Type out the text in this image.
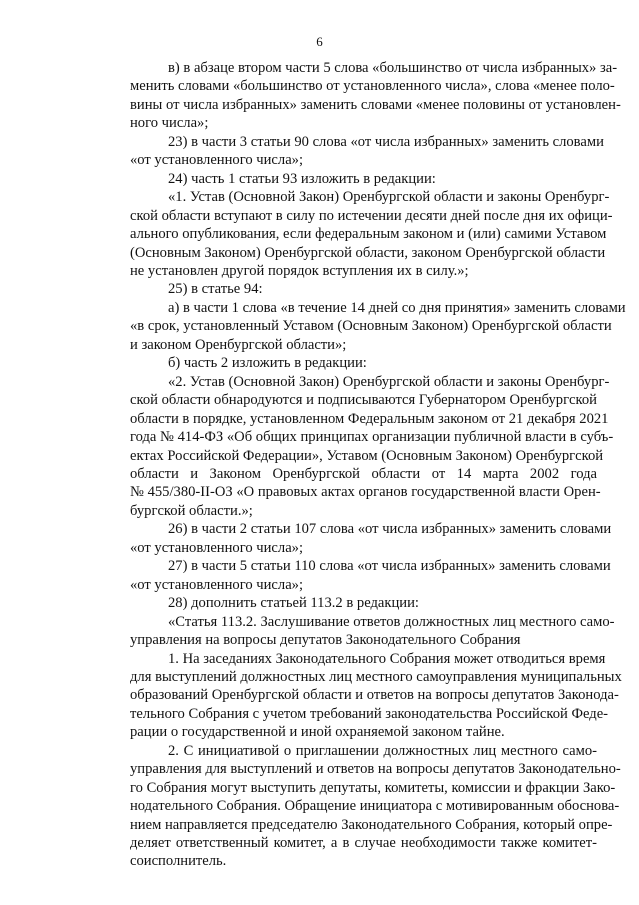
6
в) в абзаце втором части 5 слова «большинство от числа избранных» за-
менить словами «большинство от установленного числа», слова «менее поло-
вины от числа избранных» заменить словами «менее половины от установлен-
ного числа»;
23) в части 3 статьи 90 слова «от числа избранных» заменить словами
«от установленного числа»;
24) часть 1 статьи 93 изложить в редакции:
«1. Устав (Основной Закон) Оренбургской области и законы Оренбург-
ской области вступают в силу по истечении десяти дней после дня их офици-
ального опубликования, если федеральным законом и (или) самими Уставом
(Основным Законом) Оренбургской области, законом Оренбургской области
не установлен другой порядок вступления их в силу.»;
25) в статье 94:
а) в части 1 слова «в течение 14 дней со дня принятия» заменить словами
«в срок, установленный Уставом (Основным Законом) Оренбургской области
и законом Оренбургской области»;
б) часть 2 изложить в редакции:
«2. Устав (Основной Закон) Оренбургской области и законы Оренбург-
ской области обнародуются и подписываются Губернатором Оренбургской
области в порядке, установленном Федеральным законом от 21 декабря 2021
года № 414-ФЗ «Об общих принципах организации публичной власти в субъ-
ектах Российской Федерации», Уставом (Основным Законом) Оренбургской
области и Законом Оренбургской области от 14 марта 2002 года
№ 455/380-II-ОЗ «О правовых актах органов государственной власти Орен-
бургской области.»;
26) в части 2 статьи 107 слова «от числа избранных» заменить словами
«от установленного числа»;
27) в части 5 статьи 110 слова «от числа избранных» заменить словами
«от установленного числа»;
28) дополнить статьей 113.2 в редакции:
«Статья 113.2. Заслушивание ответов должностных лиц местного само-
управления на вопросы депутатов Законодательного Собрания
1. На заседаниях Законодательного Собрания может отводиться время
для выступлений должностных лиц местного самоуправления муниципальных
образований Оренбургской области и ответов на вопросы депутатов Законода-
тельного Собрания с учетом требований законодательства Российской Феде-
рации о государственной и иной охраняемой законом тайне.
2. С инициативой о приглашении должностных лиц местного само-
управления для выступлений и ответов на вопросы депутатов Законодательно-
го Собрания могут выступить депутаты, комитеты, комиссии и фракции Зако-
нодательного Собрания. Обращение инициатора с мотивированным обоснова-
нием направляется председателю Законодательного Собрания, который опре-
деляет ответственный комитет, а в случае необходимости также комитет-
соисполнитель.
